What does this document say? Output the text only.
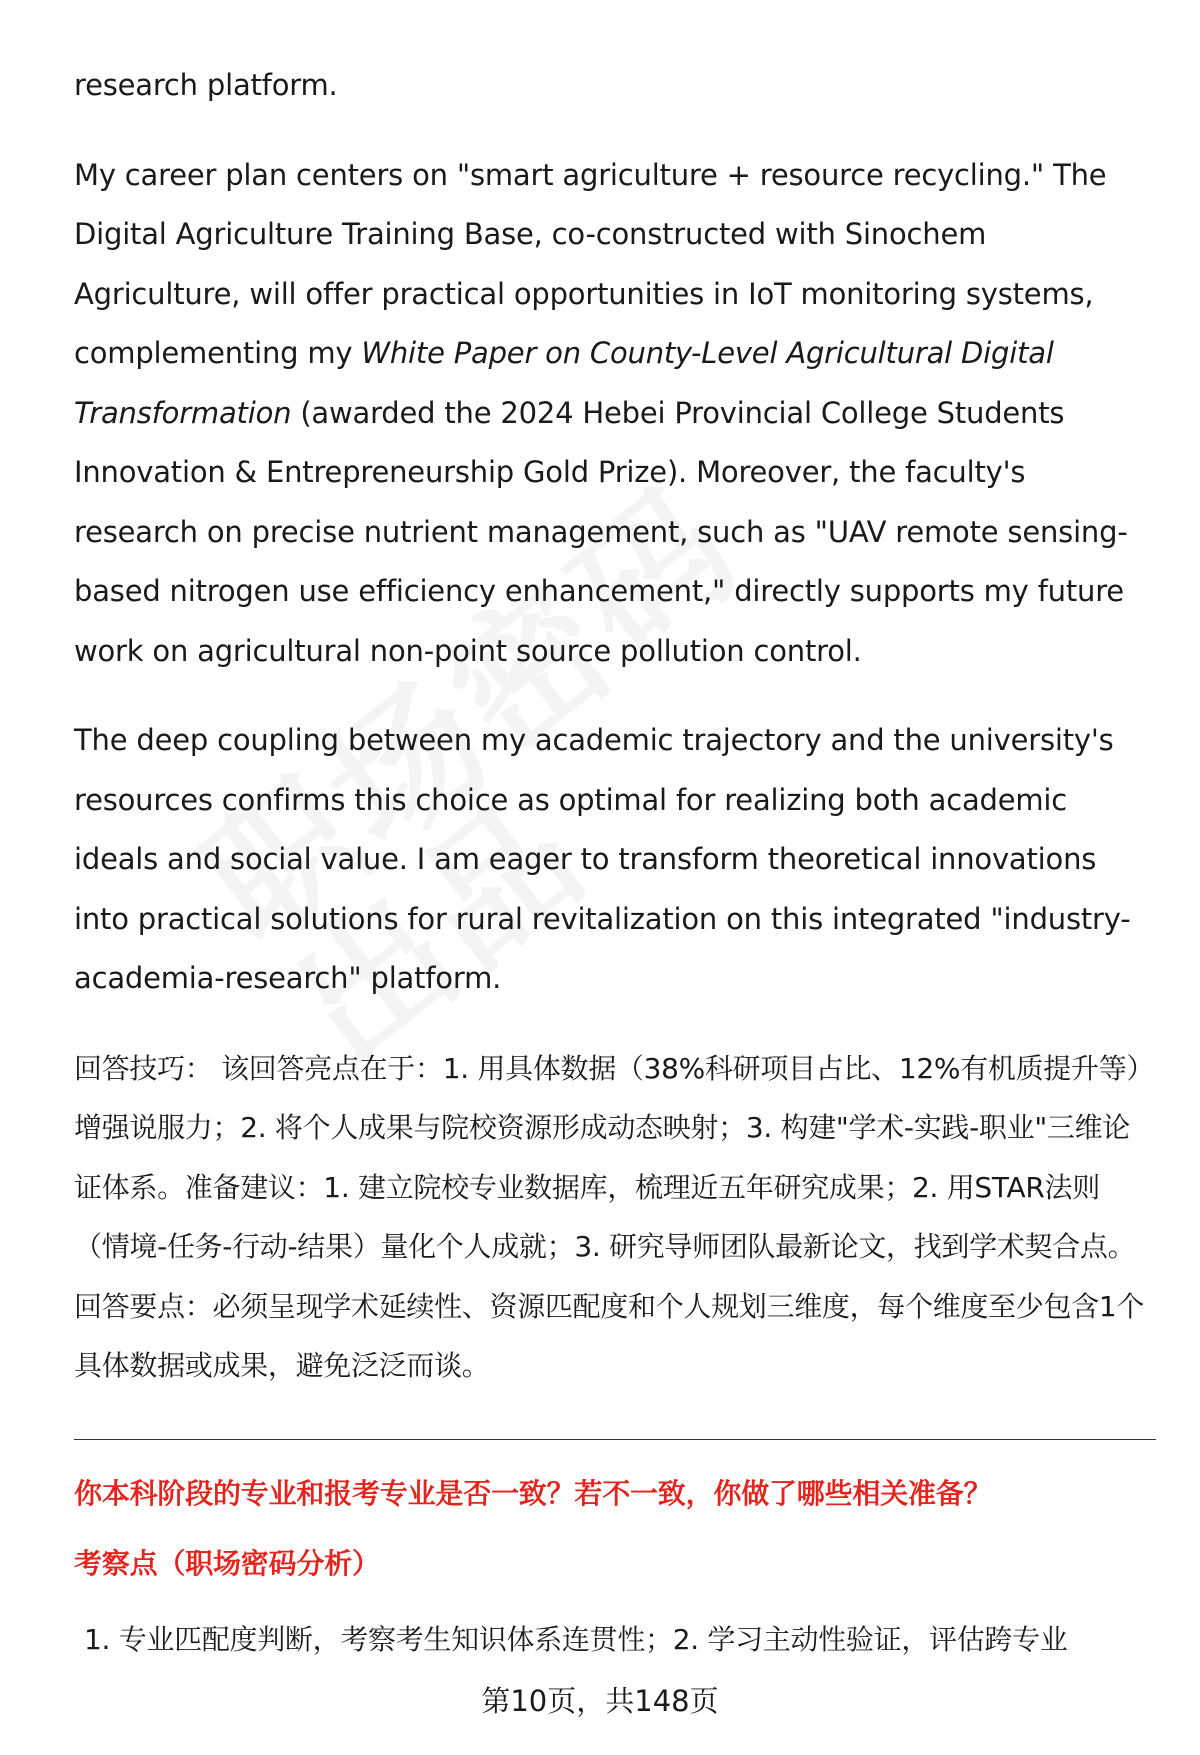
research platform.

My career plan centers on "smart agriculture + resource recycling." The Digital Agriculture Training Base, co-constructed with Sinochem Agriculture, will offer practical opportunities in IoT monitoring systems, complementing my White Paper on County-Level Agricultural Digital Transformation (awarded the 2024 Hebei Provincial College Students Innovation & Entrepreneurship Gold Prize). Moreover, the faculty's research on precise nutrient management, such as "UAV remote sensing-based nitrogen use efficiency enhancement," directly supports my future work on agricultural non-point source pollution control.

The deep coupling between my academic trajectory and the university's resources confirms this choice as optimal for realizing both academic ideals and social value. I am eager to transform theoretical innovations into practical solutions for rural revitalization on this integrated "industry-academia-research" platform.

回答技巧： 该回答亮点在于：1. 用具体数据（38%科研项目占比、12%有机质提升等）增强说服力；2. 将个人成果与院校资源形成动态映射；3. 构建"学术-实践-职业"三维论证体系。准备建议：1. 建立院校专业数据库，梳理近五年研究成果；2. 用STAR法则（情境-任务-行动-结果）量化个人成就；3. 研究导师团队最新论文，找到学术契合点。回答要点：必须呈现学术延续性、资源匹配度和个人规划三维度，每个维度至少包含1个具体数据或成果，避免泛泛而谈。

你本科阶段的专业和报考专业是否一致？若不一致，你做了哪些相关准备？
考察点（职场密码分析）
1. 专业匹配度判断，考察考生知识体系连贯性；2. 学习主动性验证，评估跨专业
第10页，共148页
